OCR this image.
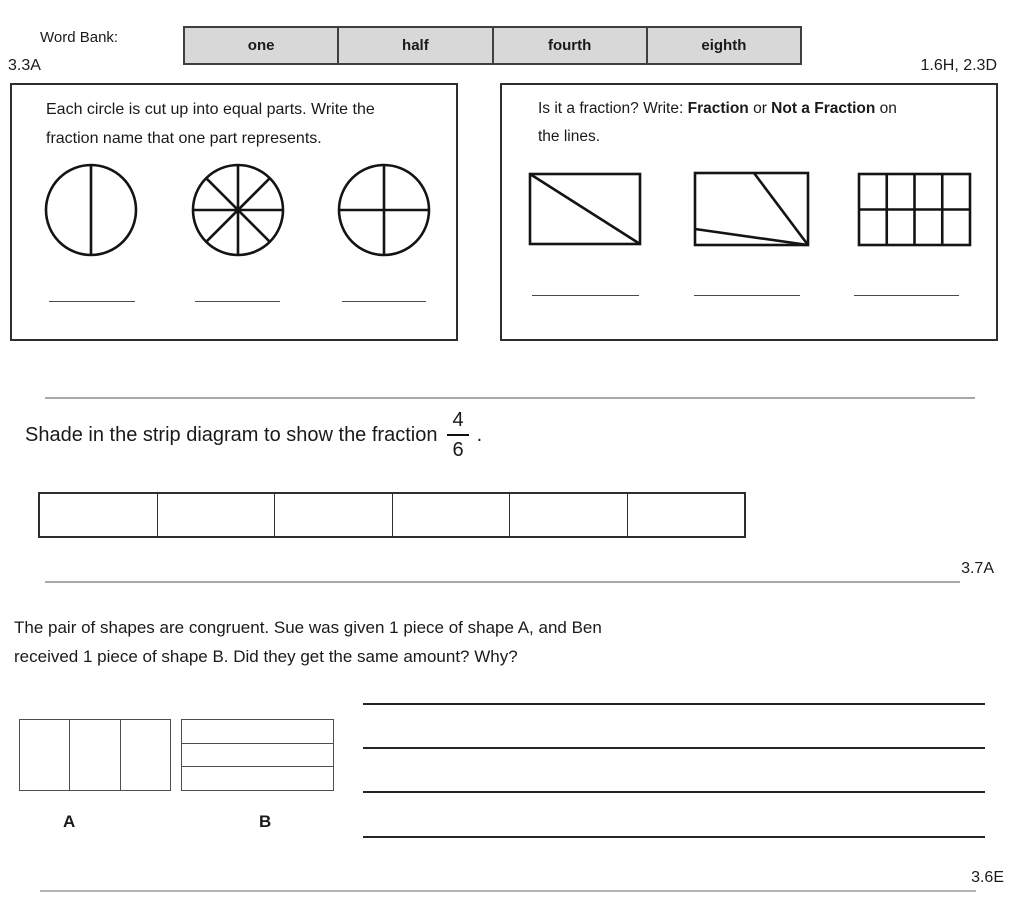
Word Bank:	one	half	fourth	eighth
3.3A	1.6H, 2.3D
Each circle is cut up into equal parts. Write the
fraction name that one part represents.
Is it a fraction? Write: Fraction or Not a Fraction on
the lines.
Shade in the strip diagram to show the fraction $\frac{4}{6}$ .
3.7A
The pair of shapes are congruent. Sue was given 1 piece of shape A, and Ben
received 1 piece of shape B. Did they get the same amount? Why?
A	B
3.6E
